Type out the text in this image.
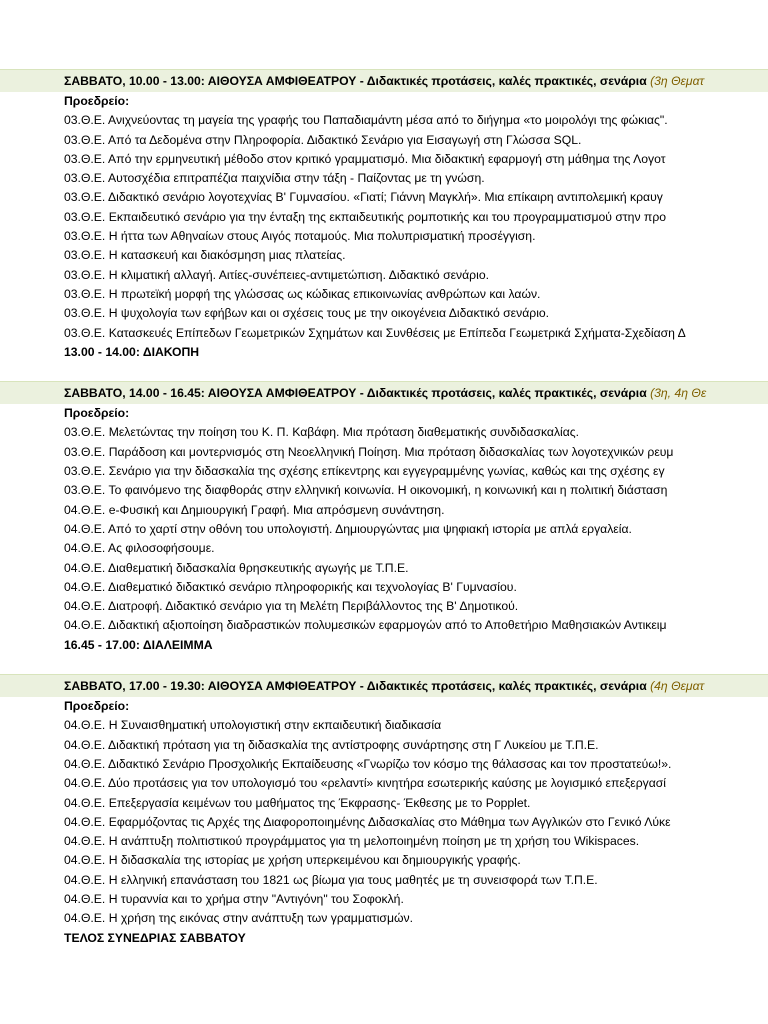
ΣΑΒΒΑΤΟ, 10.00 - 13.00: ΑΙΘΟΥΣΑ ΑΜΦΙΘΕΑΤΡΟΥ - Διδακτικές προτάσεις, καλές πρακτικές, σενάρια (3η Θεματ
Προεδρείο:
03.Θ.Ε. Ανιχνεύοντας τη μαγεία της γραφής του Παπαδιαμάντη μέσα από το διήγημα «το μοιρολόγι της φώκιας".
03.Θ.Ε. Από τα Δεδομένα στην Πληροφορία. Διδακτικό Σενάριο για Εισαγωγή στη Γλώσσα SQL.
03.Θ.Ε. Από την ερμηνευτική μέθοδο στον κριτικό γραμματισμό. Μια διδακτική εφαρμογή στη μάθημα της Λογοτ
03.Θ.Ε. Αυτοσχέδια επιτραπέζια παιχνίδια στην τάξη - Παίζοντας με τη γνώση.
03.Θ.Ε. Διδακτικό σενάριο λογοτεχνίας Β' Γυμνασίου. «Γιατί; Γιάννη Μαγκλή». Μια επίκαιρη αντιπολεμική κραυγ
03.Θ.Ε. Εκπαιδευτικό σενάριο για την ένταξη της εκπαιδευτικής ρομποτικής και του προγραμματισμού στην προ
03.Θ.Ε. Η ήττα των Αθηναίων στους Αιγός ποταμούς. Μια πολυπρισματική προσέγγιση.
03.Θ.Ε. Η κατασκευή και διακόσμηση μιας πλατείας.
03.Θ.Ε. Η κλιματική αλλαγή. Αιτίες-συνέπειες-αντιμετώπιση. Διδακτικό σενάριο.
03.Θ.Ε. Η πρωτεϊκή μορφή της γλώσσας ως κώδικας επικοινωνίας ανθρώπων και λαών.
03.Θ.Ε. Η ψυχολογία των εφήβων και οι σχέσεις τους με την οικογένεια Διδακτικό σενάριο.
03.Θ.Ε. Κατασκευές Επίπεδων Γεωμετρικών Σχημάτων και Συνθέσεις με Επίπεδα Γεωμετρικά Σχήματα-Σχεδίαση Δ
13.00 - 14.00: ΔΙΑΚΟΠΗ
ΣΑΒΒΑΤΟ, 14.00 - 16.45: ΑΙΘΟΥΣΑ ΑΜΦΙΘΕΑΤΡΟΥ - Διδακτικές προτάσεις, καλές πρακτικές, σενάρια (3η, 4η Θε
Προεδρείο:
03.Θ.Ε. Μελετώντας την ποίηση του Κ. Π. Καβάφη. Μια πρόταση διαθεματικής συνδιδασκαλίας.
03.Θ.Ε. Παράδοση και μοντερνισμός στη Νεοελληνική Ποίηση. Μια πρόταση διδασκαλίας των λογοτεχνικών ρευμ
03.Θ.Ε. Σενάριο για την διδασκαλία της σχέσης επίκεντρης και εγγεγραμμένης γωνίας, καθώς και της σχέσης εγ
03.Θ.Ε. Το φαινόμενο της διαφθοράς στην ελληνική κοινωνία. Η οικονομική, η κοινωνική και η πολιτική διάσταση
04.Θ.Ε. e-Φυσική και Δημιουργική Γραφή. Μια απρόσμενη συνάντηση.
04.Θ.Ε. Από το χαρτί στην οθόνη του υπολογιστή. Δημιουργώντας μια ψηφιακή ιστορία με απλά εργαλεία.
04.Θ.Ε. Ας φιλοσοφήσουμε.
04.Θ.Ε. Διαθεματική διδασκαλία θρησκευτικής αγωγής με Τ.Π.Ε.
04.Θ.Ε. Διαθεματικό διδακτικό σενάριο πληροφορικής και τεχνολογίας Β' Γυμνασίου.
04.Θ.Ε. Διατροφή. Διδακτικό σενάριο για τη Μελέτη Περιβάλλοντος της Β' Δημοτικού.
04.Θ.Ε. Διδακτική αξιοποίηση διαδραστικών πολυμεσικών εφαρμογών από το Αποθετήριο Μαθησιακών Αντικειμ
16.45 - 17.00: ΔΙΑΛΕΙΜΜΑ
ΣΑΒΒΑΤΟ, 17.00 - 19.30: ΑΙΘΟΥΣΑ ΑΜΦΙΘΕΑΤΡΟΥ - Διδακτικές προτάσεις, καλές πρακτικές, σενάρια (4η Θεματ
Προεδρείο:
04.Θ.Ε. Η Συναισθηματική υπολογιστική στην εκπαιδευτική διαδικασία
04.Θ.Ε. Διδακτική πρόταση για τη διδασκαλία της αντίστροφης συνάρτησης στη Γ Λυκείου με Τ.Π.Ε.
04.Θ.Ε. Διδακτικό Σενάριο Προσχολικής Εκπαίδευσης «Γνωρίζω τον κόσμο της θάλασσας και τον προστατεύω!».
04.Θ.Ε. Δύο προτάσεις για τον υπολογισμό του «ρελαντί» κινητήρα εσωτερικής καύσης με λογισμικό επεξεργασί
04.Θ.Ε. Επεξεργασία κειμένων του μαθήματος της Έκφρασης- Έκθεσης με το Popplet.
04.Θ.Ε. Εφαρμόζοντας τις Αρχές της Διαφοροποιημένης Διδασκαλίας στο Μάθημα των Αγγλικών στο Γενικό Λύκε
04.Θ.Ε. Η ανάπτυξη πολιτιστικού προγράμματος για τη μελοποιημένη ποίηση με τη χρήση του Wikispaces.
04.Θ.Ε. Η διδασκαλία της ιστορίας με χρήση υπερκειμένου και δημιουργικής γραφής.
04.Θ.Ε. Η ελληνική επανάσταση του 1821 ως βίωμα για τους μαθητές με τη συνεισφορά των Τ.Π.Ε.
04.Θ.Ε. Η τυραννία και το χρήμα στην "Αντιγόνη" του Σοφοκλή.
04.Θ.Ε. Η χρήση της εικόνας στην ανάπτυξη των γραμματισμών.
ΤΕΛΟΣ ΣΥΝΕΔΡΙΑΣ ΣΑΒΒΑΤΟΥ
